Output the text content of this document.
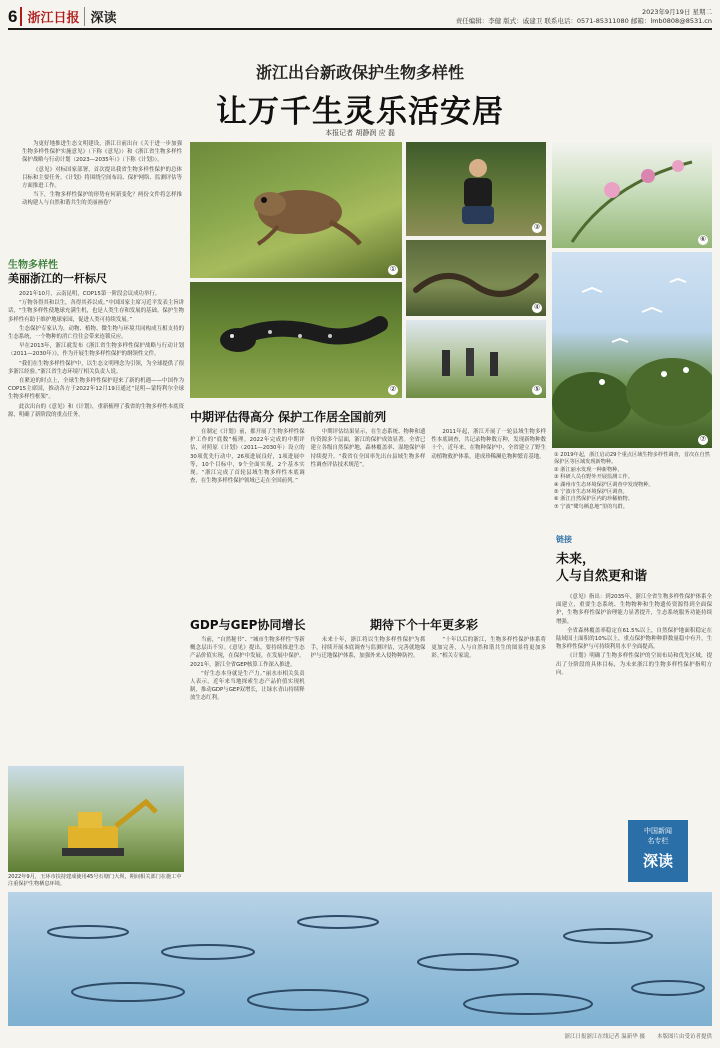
6 浙江日报 深读	2023年9月19日 星期二
责任编辑：李健 版式：戚建卫 联系电话：0571-85311080 邮箱：lmb0808@8531.cn
浙江出台新政保护生物多样性
让万千生灵乐活安居
本报记者 胡静润 应 磊

为更好地推进生态文明建设，浙江日前出台《关于进一步加强生物多样性保护实施意见》（下称《意见》）和《浙江省生物多样性保护战略与行动计划（2023—2035年）》（下称《计划》）。

《意见》对标国家部署，首次提出我省生物多样性保护的总体目标和主要任务。《计划》将围绕空间布局、保护网络、监测评估等方面推进工作。

当下，生物多样性保护的形势有何新变化？两份文件将怎样推动构建人与自然和谐共生的美丽画卷？

生物多样性
美丽浙江的一杆标尺

2021年10月，云南昆明，COP15第一阶段会议成功举行。

“万物各得其和以生，各得其养以成。”中国国家主席习近平发表主旨讲话，“生物多样性使地球充满生机，也是人类生存和发展的基础。保护生物多样性有助于维护地球家园，促进人类可持续发展。”

生态保护专家认为，动物、植物、微生物与环境共同构成互相支持的生态系统，一个物种的消亡往往会带来连锁反应。

早在2013年，浙江就发布《浙江省生物多样性保护战略与行动计划（2011—2030年）》，作为开展生物多样性保护的纲领性文件。

“我们在生物多样性保护中，以生态文明理念为引领，为全球提供了很多浙江经验。”浙江省生态环境厅相关负责人说。

在紧迫的时点上，全球生物多样性保护迎来了新的机遇——中国作为COP15主席国，推动各方于2022年12月19日通过“昆明—蒙特利尔全球生物多样性框架”。

此次出台的《意见》和《计划》，重新梳理了我省的生物多样性本底资源，明确了新阶段的重点任务。

①
②
③
④
⑤
⑥
⑦
① 2019年起，浙江启动29个重点区域生物多样性调查，首次在自然保护区等区域发现新物种。
② 浙江丽水发现一种新物种。
③ 科研人员在野外开展监测工作。
④ 湖州市生态环境保护区调查中发现物种。
⑤ 宁波市生态环境保护区调查。
⑥ 浙江自然保护区内的珍稀植物。
⑦ 宁波“鹭鸟栖息地”里的鸟群。
中期评估得高分 保护工作居全国前列

在制定《计划》前，都开展了生物多样性保护工作的“底数”梳理。2022年完成的中期评估，对照原《计划》（2011—2030年）设立的30项优先行动中，26项进展良好，1项进展中等，10个目标中，9个全面实现，2个基本实现。“浙江完成了首轮县域生物多样性本底调查，在生物多样性保护领域已走在全国前列。”

中期评估结果显示，在生态系统、物种和遗传资源多个层面，浙江的保护成效显著。全省已建立各级自然保护地，森林覆盖率、湿地保护率持续提升。“我省在全国率先出台县域生物多样性调查评估技术规范”。

2011年起，浙江开展了一轮县域生物多样性本底调查，共记录物种数万种，发现新物种数十个。近年来，在物种保护中，全省建立了野生动植物救护体系，建成珍稀濒危物种繁育基地。

链接
未来，
人与自然更和谐

《意见》指出：到2035年，浙江全省生物多样性保护体系全面建立，重要生态系统、生物物种和生物遗传资源得到全面保护，生物多样性保护治理能力显著提升，生态系统服务功能持续增强。

全省森林覆盖率稳定在61.5%以上，自然保护地面积稳定在陆域国土面积的10%以上，重点保护物种种群数量稳中有升，生物多样性保护与可持续利用水平全面提高。

《计划》明确了生物多样性保护的空间布局和优先区域，提出了分阶段的具体目标，为未来浙江的生物多样性保护指明方向。

GDP与GEP协同增长	期待下个十年更多彩

当前，“自然秘书”、“城市生物多样性”等新概念层出不穷。《意见》提出，要持续推进生态产品价值实现，在保护中发展，在发展中保护。2021年，浙江全省GEP核算工作深入推进。

“好生态本身就是生产力。”丽水市相关负责人表示，近年来当地探索生态产品价值实现机制，推动GDP与GEP双增长，让绿水青山持续释放生态红利。

未来十年，浙江将以生物多样性保护为抓手，持续开展本底调查与监测评估，完善就地保护与迁地保护体系，加强外来入侵物种防控。

“十年以后的浙江，生物多样性保护体系将更加完善，人与自然和谐共生的图景将更加多彩。”相关专家说。

2022年9月，玉环市扶持建成使用45号石塘门大坝，期间相关部门在施工中注重保护生物栖息环境。
中国新闻
名专栏
深读
浙江日报浙江在线记者 温新华 摄 本版图片由受访者提供
